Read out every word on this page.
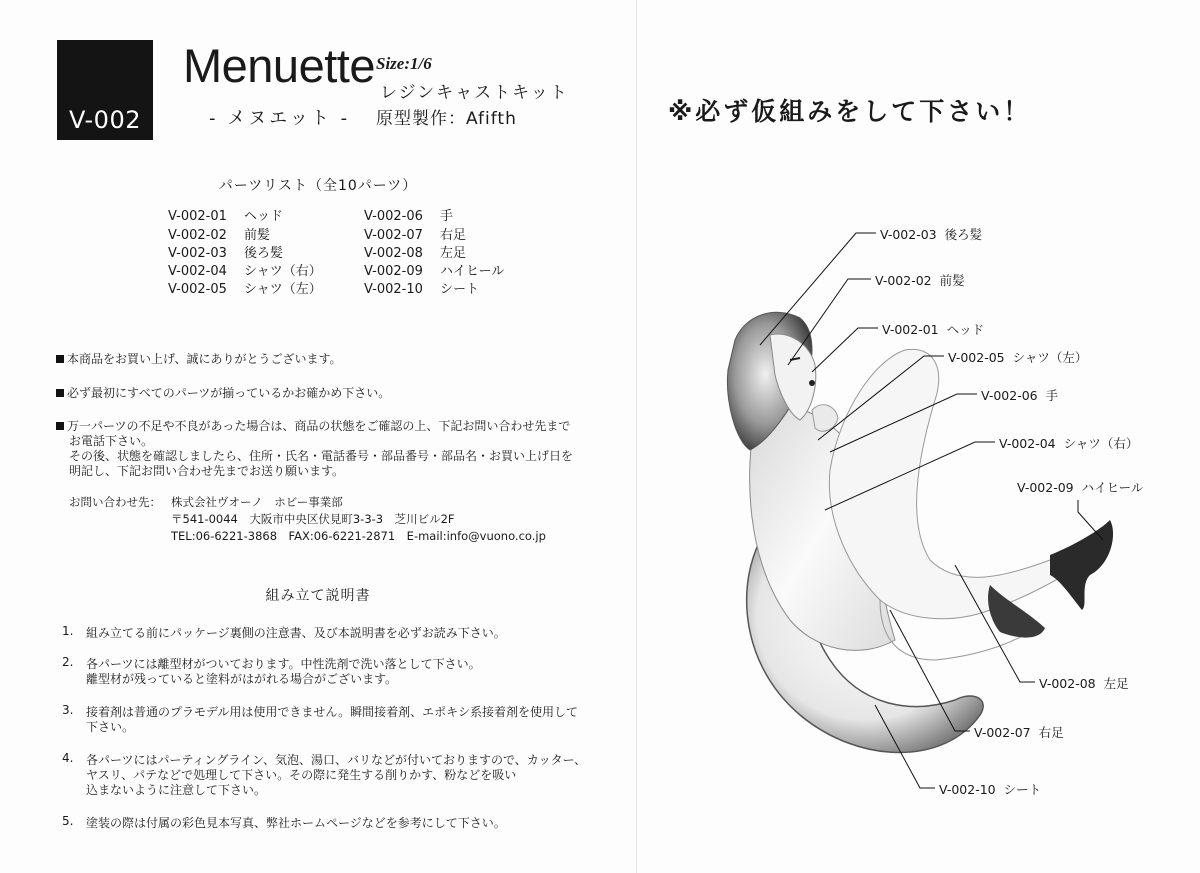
V-002
Menuette Size:1/6
レジンキャストキット
- メヌエット - 原型製作：Afifth	※必ず仮組みをして下さい！
パーツリスト（全10パーツ）
V-002-01 ヘッド
V-002-02 前髪
V-002-03 後ろ髪
V-002-04 シャツ（右）
V-002-05 シャツ（左）
V-002-06 手
V-002-07 右足
V-002-08 左足
V-002-09 ハイヒール
V-002-10 シート
本商品をお買い上げ、誠にありがとうございます。
必ず最初にすべてのパーツが揃っているかお確かめ下さい。
万一パーツの不足や不良があった場合は、商品の状態をご確認の上、下記お問い合わせ先まで
お電話下さい。
その後、状態を確認しましたら、住所・氏名・電話番号・部品番号・部品名・お買い上げ日を
明記し、下記お問い合わせ先までお送り願います。
お問い合わせ先： 株式会社ヴオーノ　ホビー事業部
〒541-0044　大阪市中央区伏見町3-3-3　芝川ビル2F
TEL:06-6221-3868　FAX:06-6221-2871　E-mail:info@vuono.co.jp
組み立て説明書
1. 組み立てる前にパッケージ裏側の注意書、及び本説明書を必ずお読み下さい。
2. 各パーツには離型材がついております。中性洗剤で洗い落として下さい。
離型材が残っていると塗料がはがれる場合がございます。
3. 接着剤は普通のプラモデル用は使用できません。瞬間接着剤、エポキシ系接着剤を使用して
下さい。
4. 各パーツにはパーティングライン、気泡、湯口、バリなどが付いておりますので、カッター、
ヤスリ、パテなどで処理して下さい。その際に発生する削りかす、粉などを吸い
込まないように注意して下さい。
5. 塗装の際は付属の彩色見本写真、弊社ホームページなどを参考にして下さい。
V-002-03 後ろ髪
V-002-02 前髪
V-002-01 ヘッド
V-002-05 シャツ（左）
V-002-06 手
V-002-04 シャツ（右）
V-002-09 ハイヒール
V-002-08 左足
V-002-07 右足
V-002-10 シート
